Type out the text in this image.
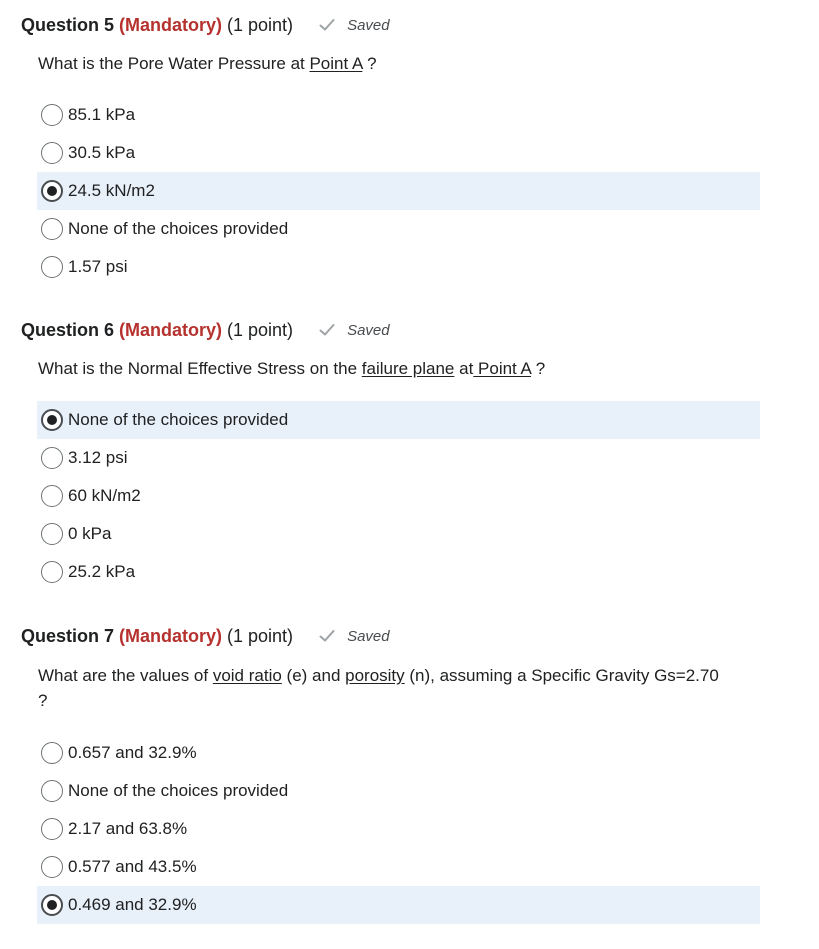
Question 5 (Mandatory) (1 point)	Saved
What is the Pore Water Pressure at Point A ?
85.1 kPa
30.5 kPa
24.5 kN/m2
None of the choices provided
1.57 psi
Question 6 (Mandatory) (1 point)	Saved
What is the Normal Effective Stress on the failure plane at Point A ?
None of the choices provided
3.12 psi
60 kN/m2
0 kPa
25.2 kPa
Question 7 (Mandatory) (1 point)	Saved
What are the values of void ratio (e) and porosity (n), assuming a Specific Gravity Gs=2.70 ?
0.657 and 32.9%
None of the choices provided
2.17 and 63.8%
0.577 and 43.5%
0.469 and 32.9%
